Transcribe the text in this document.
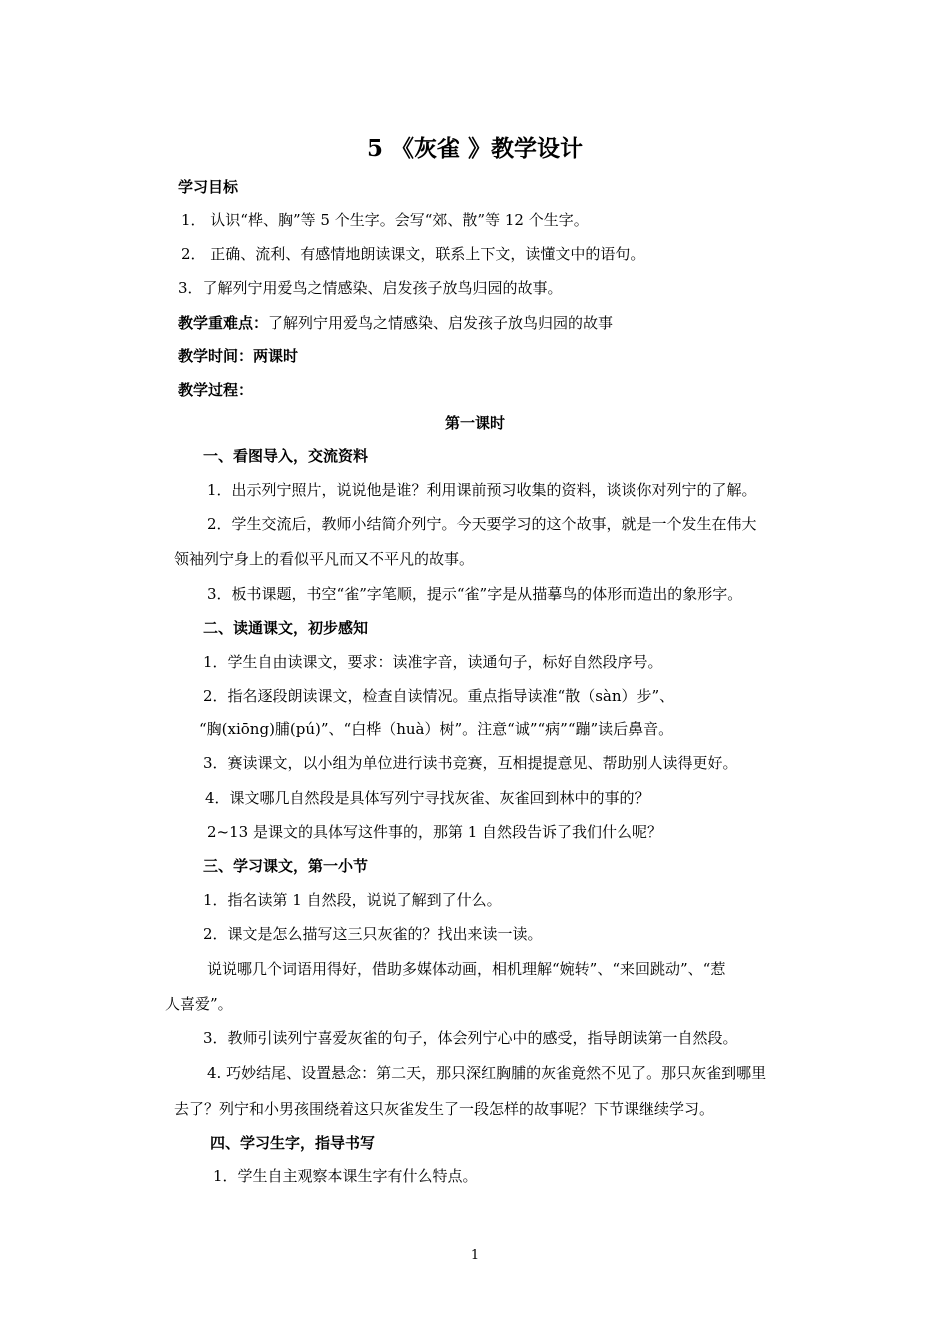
5 《灰雀 》教学设计
学习目标
1． 认识“桦、胸”等 5 个生字。会写“郊、散”等 12 个生字。
2． 正确、流利、有感情地朗读课文，联系上下文，读懂文中的语句。
3．了解列宁用爱鸟之情感染、启发孩子放鸟归园的故事。
教学重难点：了解列宁用爱鸟之情感染、启发孩子放鸟归园的故事
教学时间：两课时
教学过程：
第一课时
一、看图导入，交流资料
1．出示列宁照片，说说他是谁？利用课前预习收集的资料，谈谈你对列宁的了解。
2．学生交流后，教师小结简介列宁。今天要学习的这个故事，就是一个发生在伟大
领袖列宁身上的看似平凡而又不平凡的故事。
3．板书课题，书空“雀”字笔顺，提示“雀”字是从描摹鸟的体形而造出的象形字。
二、读通课文，初步感知
1．学生自由读课文，要求：读准字音，读通句子，标好自然段序号。
2．指名逐段朗读课文，检查自读情况。重点指导读准“散（sàn）步”、
“胸(xiōng)脯(pú)”、“白桦（huà）树”。注意“诚”“病”“蹦”读后鼻音。
3．赛读课文，以小组为单位进行读书竞赛，互相提提意见、帮助别人读得更好。
4．课文哪几自然段是具体写列宁寻找灰雀、灰雀回到林中的事的？
2~13 是课文的具体写这件事的，那第 1 自然段告诉了我们什么呢？
三、学习课文，第一小节
1．指名读第 1 自然段，说说了解到了什么。
2．课文是怎么描写这三只灰雀的？找出来读一读。
说说哪几个词语用得好，借助多媒体动画，相机理解“婉转”、“来回跳动”、“惹
人喜爱”。
3．教师引读列宁喜爱灰雀的句子，体会列宁心中的感受，指导朗读第一自然段。
4. 巧妙结尾、设置悬念：第二天，那只深红胸脯的灰雀竟然不见了。那只灰雀到哪里
去了？列宁和小男孩围绕着这只灰雀发生了一段怎样的故事呢？下节课继续学习。
四、学习生字，指导书写
1．学生自主观察本课生字有什么特点。
1
